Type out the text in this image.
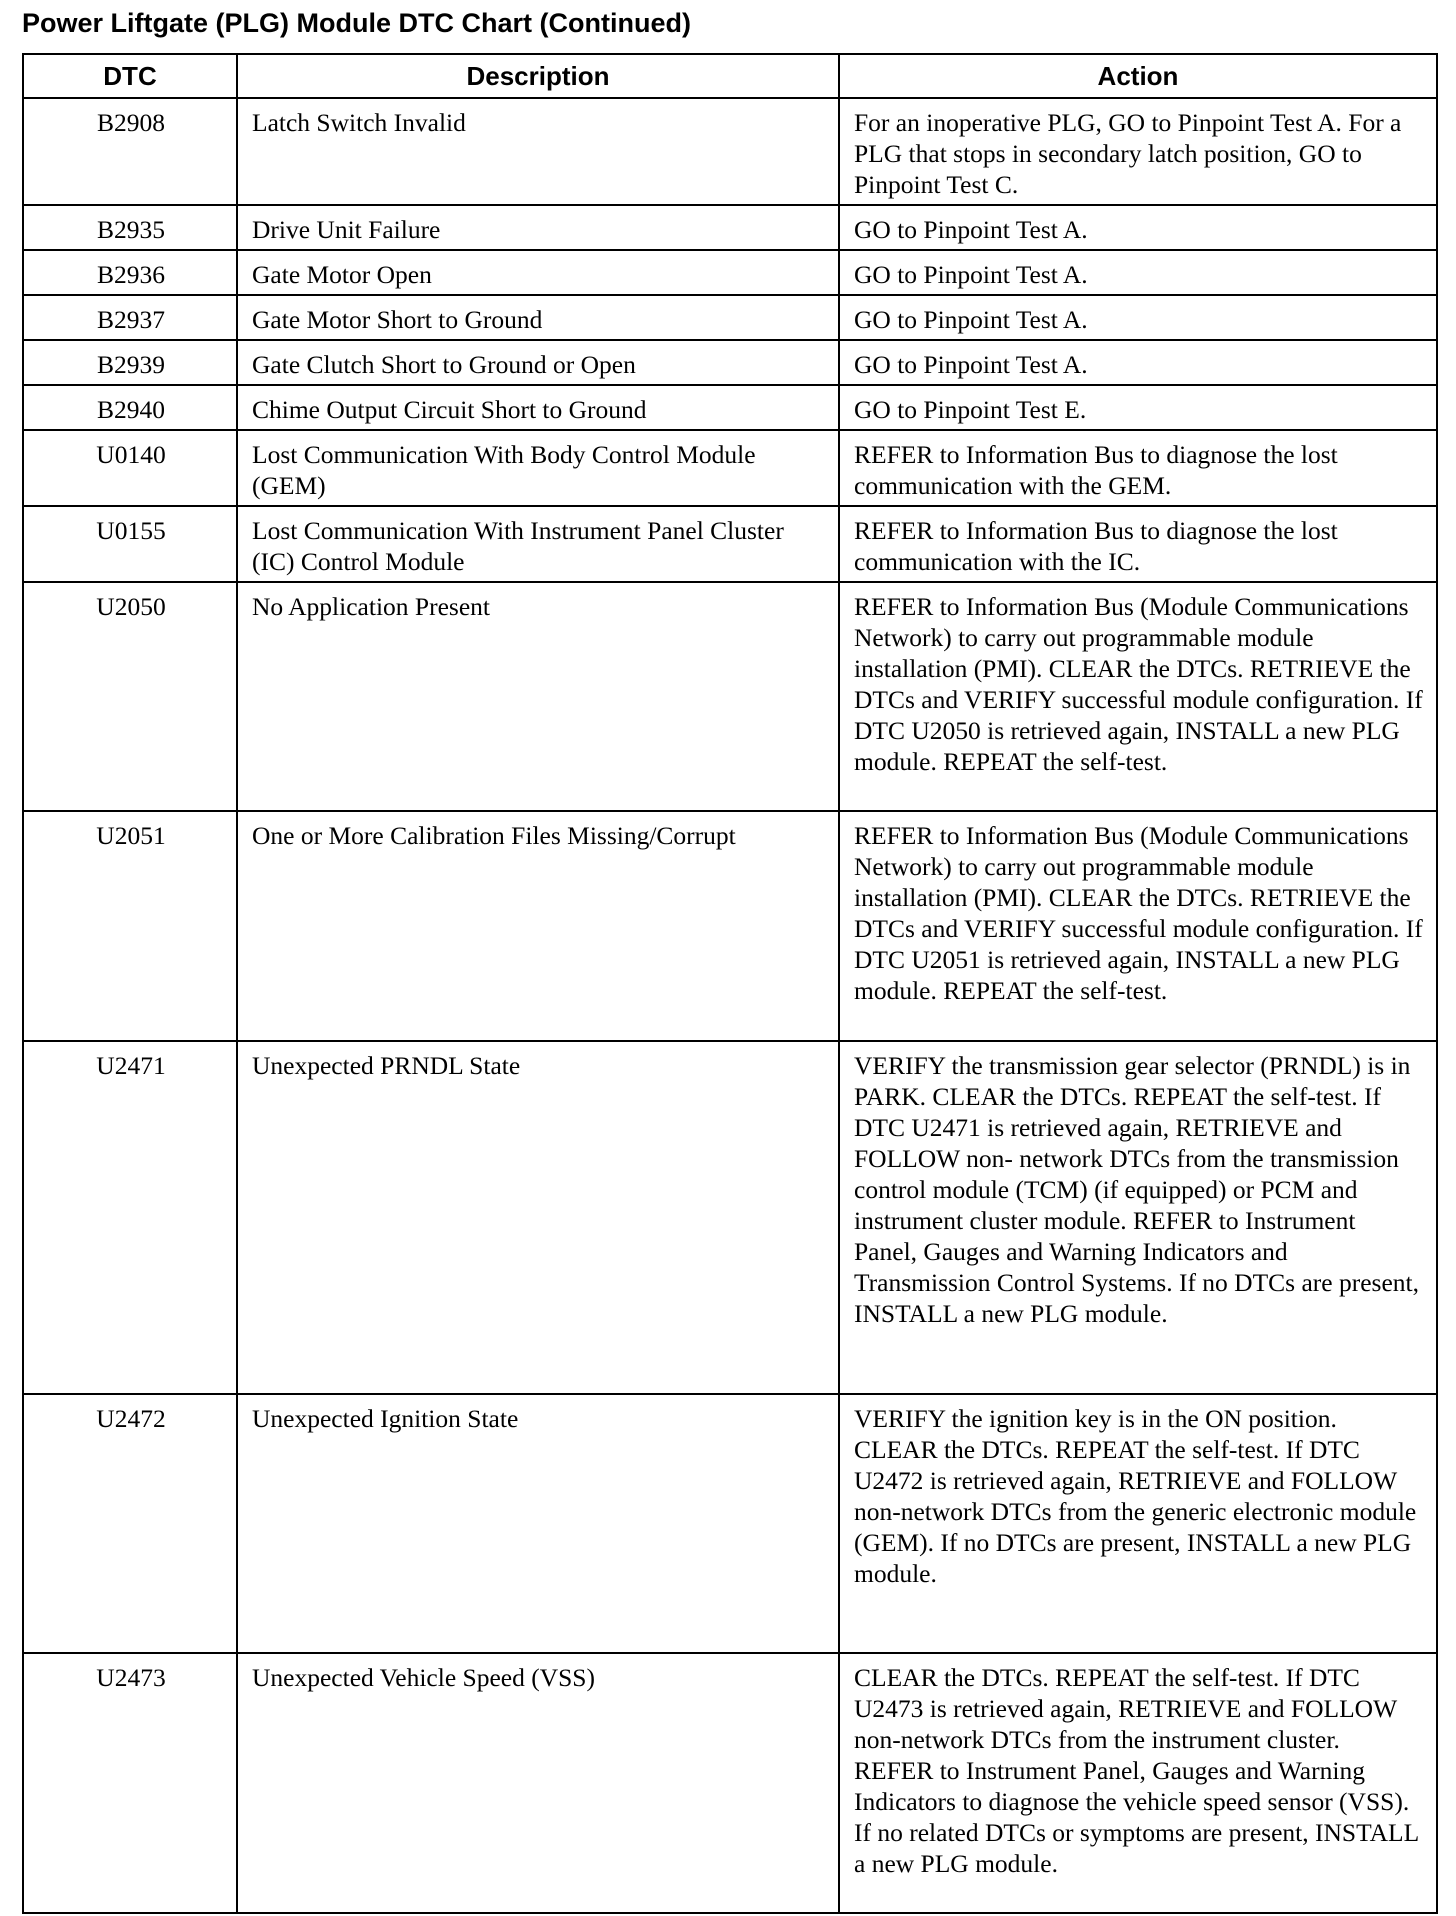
Power Liftgate (PLG) Module DTC Chart (Continued)
DTC	Description	Action
B2908	Latch Switch Invalid	For an inoperative PLG, GO to Pinpoint Test A. For a PLG that stops in secondary latch position, GO to Pinpoint Test C.
B2935	Drive Unit Failure	GO to Pinpoint Test A.
B2936	Gate Motor Open	GO to Pinpoint Test A.
B2937	Gate Motor Short to Ground	GO to Pinpoint Test A.
B2939	Gate Clutch Short to Ground or Open	GO to Pinpoint Test A.
B2940	Chime Output Circuit Short to Ground	GO to Pinpoint Test E.
U0140	Lost Communication With Body Control Module (GEM)	REFER to Information Bus to diagnose the lost communication with the GEM.
U0155	Lost Communication With Instrument Panel Cluster (IC) Control Module	REFER to Information Bus to diagnose the lost communication with the IC.
U2050	No Application Present	REFER to Information Bus (Module Communications Network) to carry out programmable module installation (PMI). CLEAR the DTCs. RETRIEVE the DTCs and VERIFY successful module configuration. If DTC U2050 is retrieved again, INSTALL a new PLG module. REPEAT the self-test.
U2051	One or More Calibration Files Missing/Corrupt	REFER to Information Bus (Module Communications Network) to carry out programmable module installation (PMI). CLEAR the DTCs. RETRIEVE the DTCs and VERIFY successful module configuration. If DTC U2051 is retrieved again, INSTALL a new PLG module. REPEAT the self-test.
U2471	Unexpected PRNDL State	VERIFY the transmission gear selector (PRNDL) is in PARK. CLEAR the DTCs. REPEAT the self-test. If DTC U2471 is retrieved again, RETRIEVE and FOLLOW non- network DTCs from the transmission control module (TCM) (if equipped) or PCM and instrument cluster module. REFER to Instrument Panel, Gauges and Warning Indicators and Transmission Control Systems. If no DTCs are present, INSTALL a new PLG module.
U2472	Unexpected Ignition State	VERIFY the ignition key is in the ON position. CLEAR the DTCs. REPEAT the self-test. If DTC U2472 is retrieved again, RETRIEVE and FOLLOW non-network DTCs from the generic electronic module (GEM). If no DTCs are present, INSTALL a new PLG module.
U2473	Unexpected Vehicle Speed (VSS)	CLEAR the DTCs. REPEAT the self-test. If DTC U2473 is retrieved again, RETRIEVE and FOLLOW non-network DTCs from the instrument cluster. REFER to Instrument Panel, Gauges and Warning Indicators to diagnose the vehicle speed sensor (VSS). If no related DTCs or symptoms are present, INSTALL a new PLG module.
